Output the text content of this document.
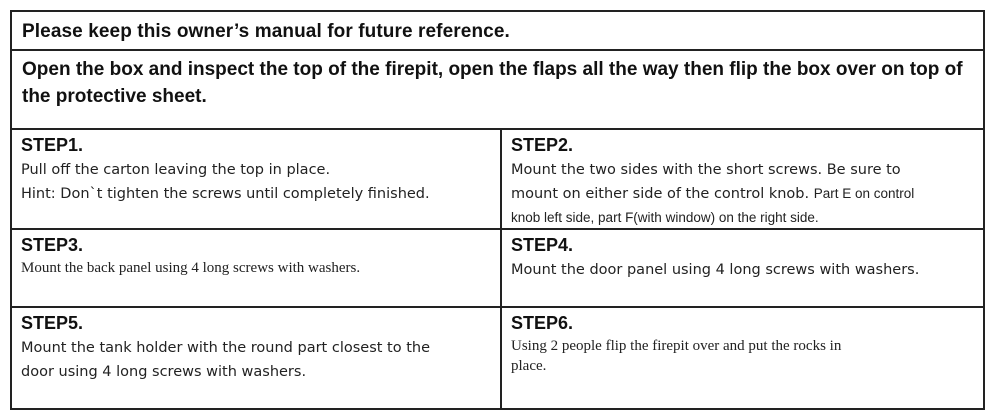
Please keep this owner’s manual for future reference.
Open the box and inspect the top of the firepit, open the flaps all the way then flip the box over on top of the protective sheet.
STEP1.
Pull off the carton leaving the top in place.
Hint: Don`t tighten the screws until completely finished.
STEP2.
Mount the two sides with the short screws. Be sure to
mount on either side of the control knob. Part E on control
knob left side, part F(with window) on the right side.
STEP3.
Mount the back panel using 4 long screws with washers.
STEP4.
Mount the door panel using 4 long screws with washers.
STEP5.
Mount the tank holder with the round part closest to the
door using 4 long screws with washers.
STEP6.
Using 2 people flip the firepit over and put the rocks in
place.
